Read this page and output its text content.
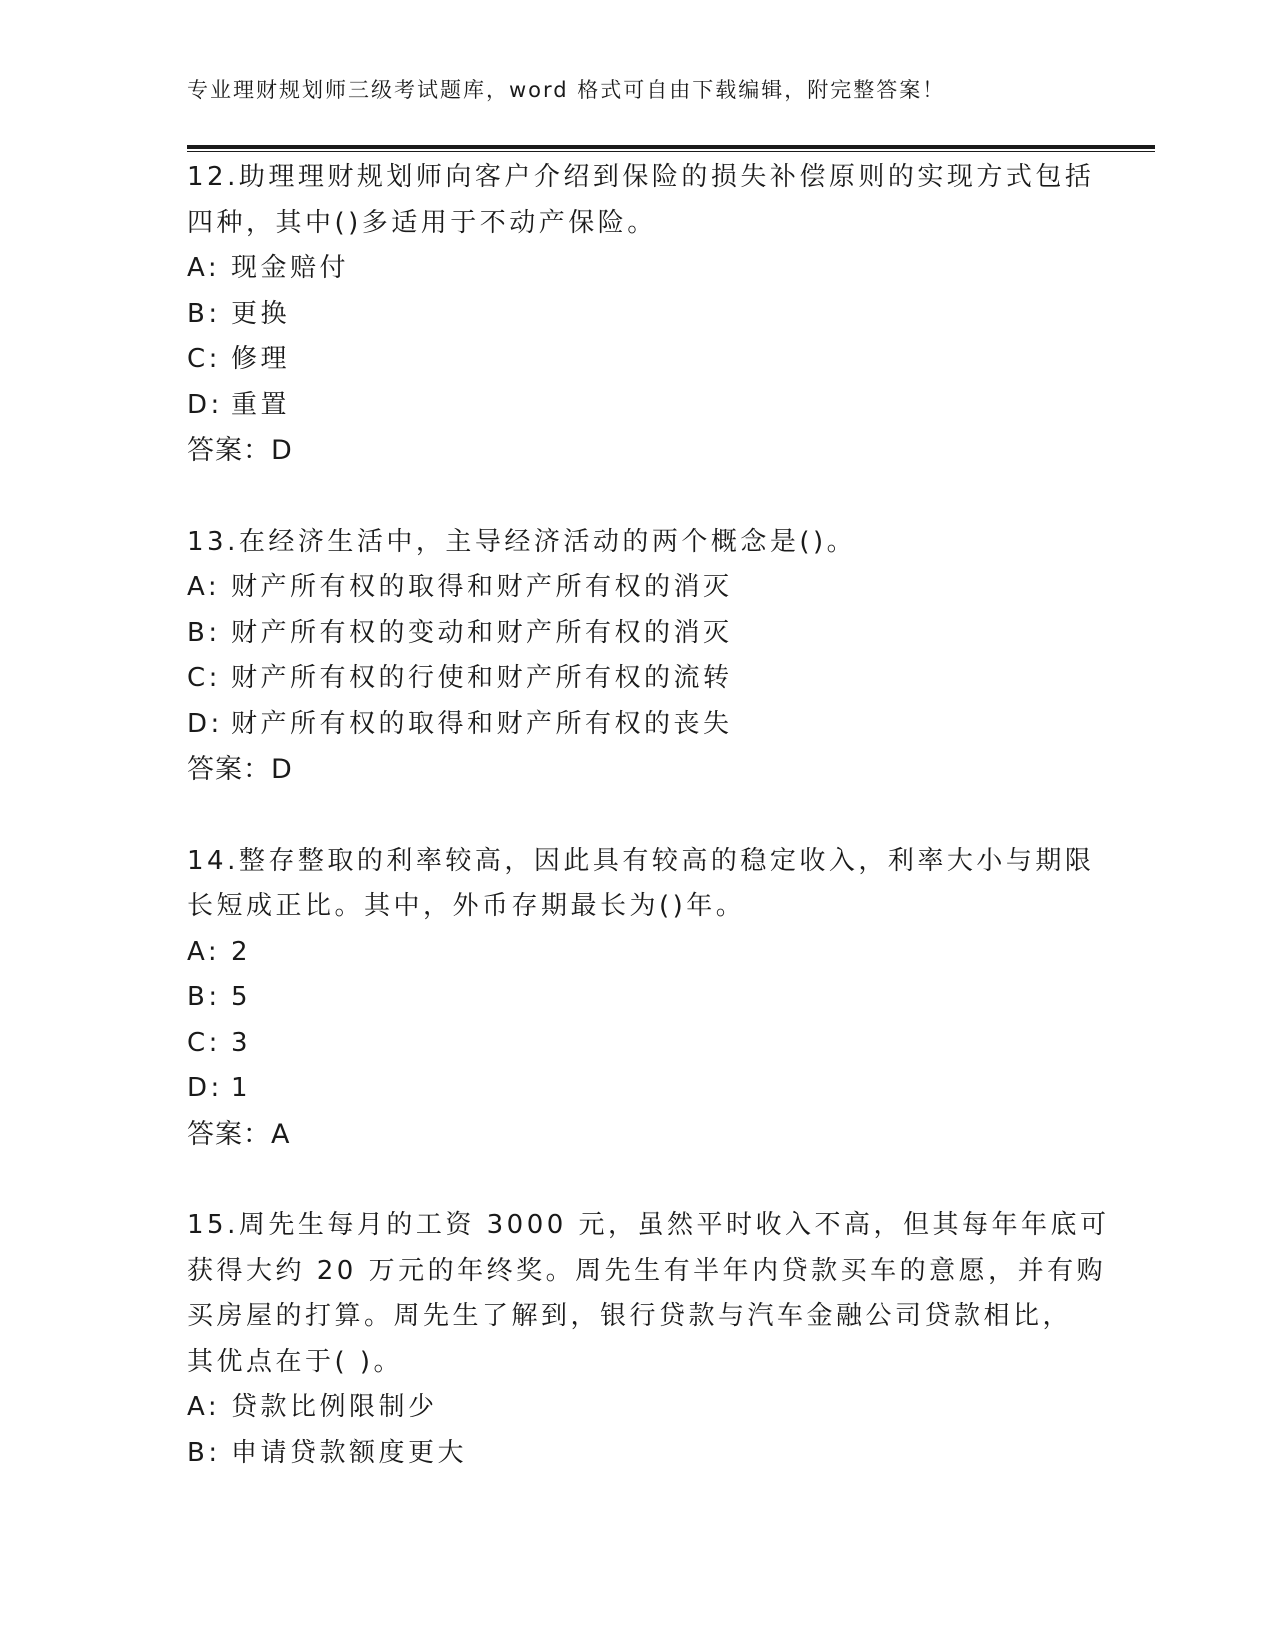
专业理财规划师三级考试题库，word 格式可自由下载编辑，附完整答案！
12.助理理财规划师向客户介绍到保险的损失补偿原则的实现方式包括
四种，其中()多适用于不动产保险。
A: 现金赔付
B: 更换
C: 修理
D: 重置
答案：D
13.在经济生活中，主导经济活动的两个概念是()。
A: 财产所有权的取得和财产所有权的消灭
B: 财产所有权的变动和财产所有权的消灭
C: 财产所有权的行使和财产所有权的流转
D: 财产所有权的取得和财产所有权的丧失
答案：D
14.整存整取的利率较高，因此具有较高的稳定收入，利率大小与期限
长短成正比。其中，外币存期最长为()年。
A: 2
B: 5
C: 3
D: 1
答案：A
15.周先生每月的工资 3000 元，虽然平时收入不高，但其每年年底可
获得大约 20 万元的年终奖。周先生有半年内贷款买车的意愿，并有购
买房屋的打算。周先生了解到，银行贷款与汽车金融公司贷款相比，
其优点在于( )。
A: 贷款比例限制少
B: 申请贷款额度更大
